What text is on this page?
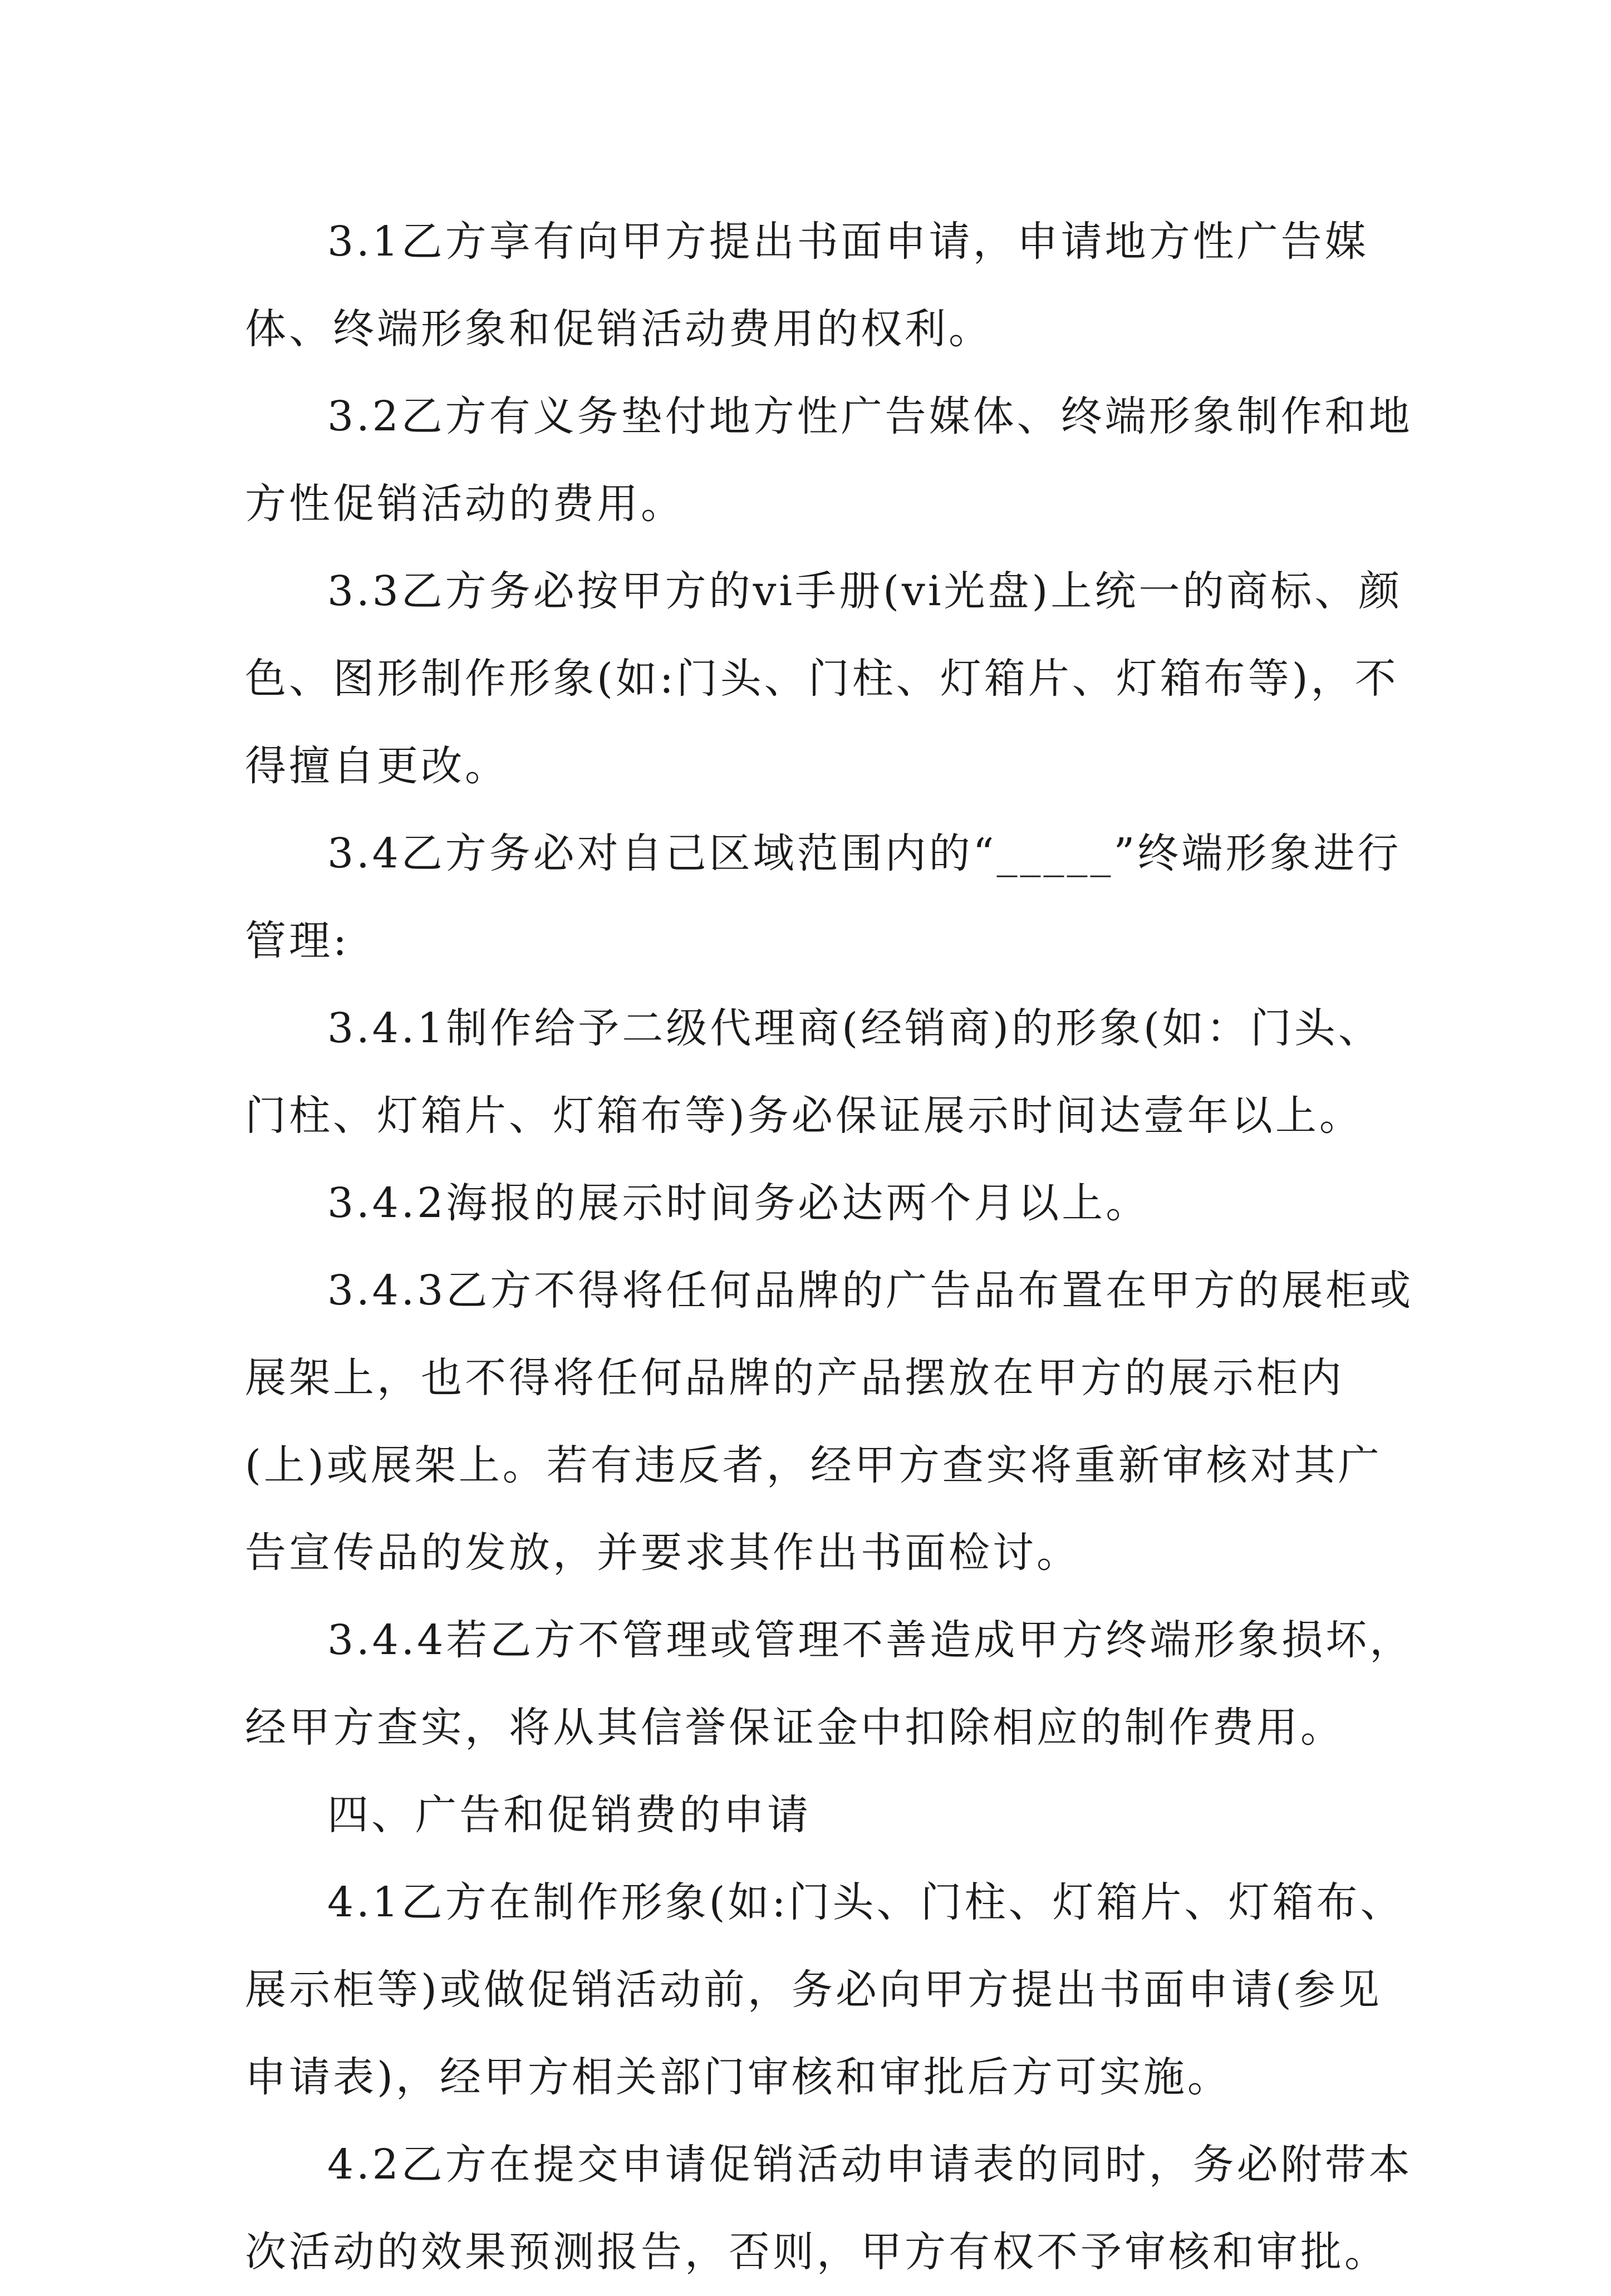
3.1乙方享有向甲方提出书面申请，申请地方性广告媒体、终端形象和促销活动费用的权利。

3.2乙方有义务垫付地方性广告媒体、终端形象制作和地方性促销活动的费用。

3.3乙方务必按甲方的vi手册(vi光盘)上统一的商标、颜色、图形制作形象(如:门头、门柱、灯箱片、灯箱布等)，不得擅自更改。

3.4乙方务必对自己区域范围内的“_____”终端形象进行管理:

3.4.1制作给予二级代理商(经销商)的形象(如：门头、门柱、灯箱片、灯箱布等)务必保证展示时间达壹年以上。

3.4.2海报的展示时间务必达两个月以上。

3.4.3乙方不得将任何品牌的广告品布置在甲方的展柜或展架上，也不得将任何品牌的产品摆放在甲方的展示柜内(上)或展架上。若有违反者，经甲方查实将重新审核对其广告宣传品的发放，并要求其作出书面检讨。

3.4.4若乙方不管理或管理不善造成甲方终端形象损坏，经甲方查实，将从其信誉保证金中扣除相应的制作费用。

四、广告和促销费的申请

4.1乙方在制作形象(如:门头、门柱、灯箱片、灯箱布、展示柜等)或做促销活动前，务必向甲方提出书面申请(参见申请表)，经甲方相关部门审核和审批后方可实施。

4.2乙方在提交申请促销活动申请表的同时，务必附带本次活动的效果预测报告，否则，甲方有权不予审核和审批。
